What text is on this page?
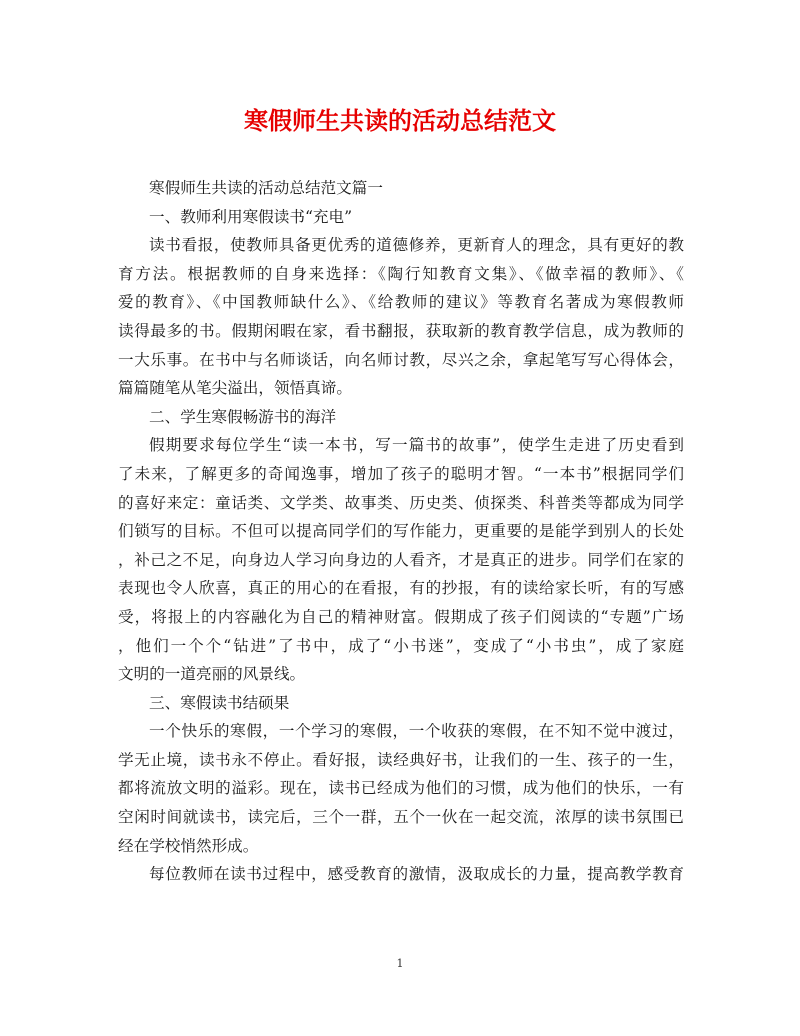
寒假师生共读的活动总结范文
寒假师生共读的活动总结范文篇一
一、教师利用寒假读书“充电”
读书看报，使教师具备更优秀的道德修养，更新育人的理念，具有更好的教
育方法。根据教师的自身来选择：《陶行知教育文集》、《做幸福的教师》、《
爱的教育》、《中国教师缺什么》、《给教师的建议》等教育名著成为寒假教师
读得最多的书。假期闲暇在家，看书翻报，获取新的教育教学信息，成为教师的
一大乐事。在书中与名师谈话，向名师讨教，尽兴之余，拿起笔写写心得体会，
篇篇随笔从笔尖溢出，领悟真谛。
二、学生寒假畅游书的海洋
假期要求每位学生“读一本书，写一篇书的故事”，使学生走进了历史看到
了未来，了解更多的奇闻逸事，增加了孩子的聪明才智。“一本书”根据同学们
的喜好来定：童话类、文学类、故事类、历史类、侦探类、科普类等都成为同学
们锁写的目标。不但可以提高同学们的写作能力，更重要的是能学到别人的长处
，补己之不足，向身边人学习向身边的人看齐，才是真正的进步。同学们在家的
表现也令人欣喜，真正的用心的在看报，有的抄报，有的读给家长听，有的写感
受，将报上的内容融化为自己的精神财富。假期成了孩子们阅读的“专题”广场
，他们一个个“钻进”了书中，成了“小书迷”，变成了“小书虫”，成了家庭
文明的一道亮丽的风景线。
三、寒假读书结硕果
一个快乐的寒假，一个学习的寒假，一个收获的寒假，在不知不觉中渡过，
学无止境，读书永不停止。看好报，读经典好书，让我们的一生、孩子的一生，
都将流放文明的溢彩。现在，读书已经成为他们的习惯，成为他们的快乐，一有
空闲时间就读书，读完后，三个一群，五个一伙在一起交流，浓厚的读书氛围已
经在学校悄然形成。
每位教师在读书过程中，感受教育的激情，汲取成长的力量，提高教学教育

1
